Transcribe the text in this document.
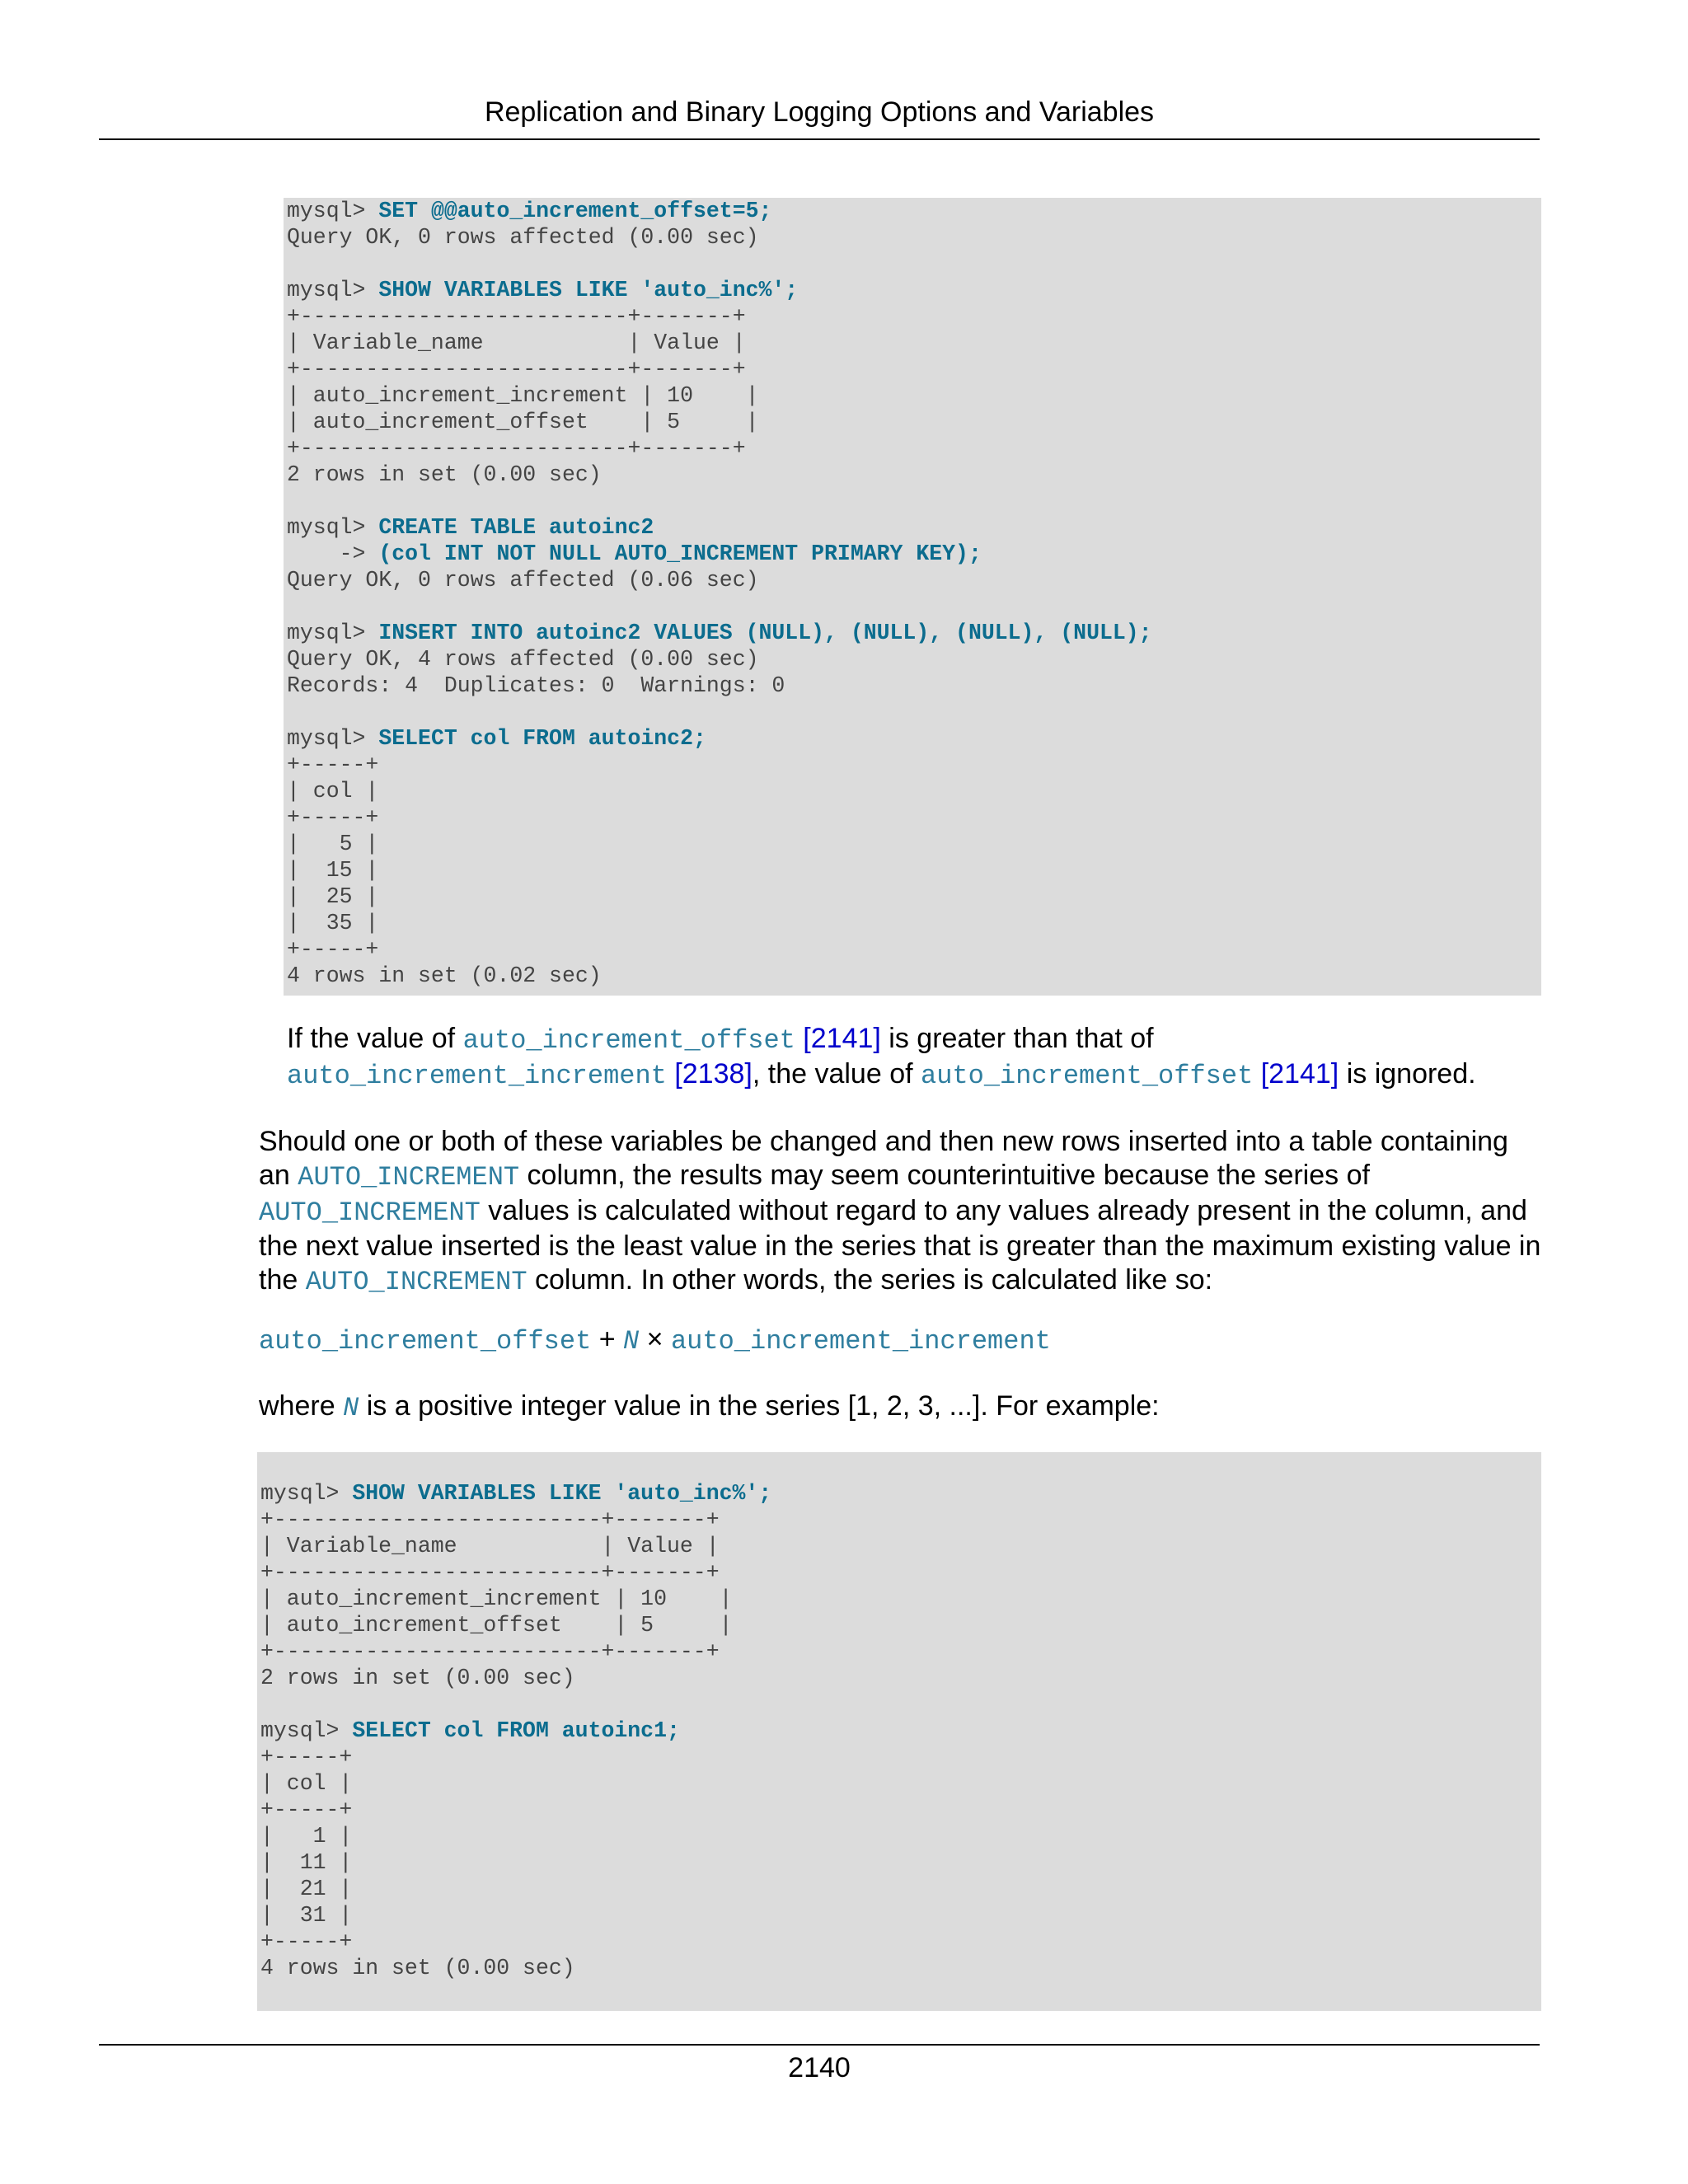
Replication and Binary Logging Options and Variables
mysql> SET @@auto_increment_offset=5;
Query OK, 0 rows affected (0.00 sec)

mysql> SHOW VARIABLES LIKE 'auto_inc%';
+-------------------------+-------+
| Variable_name           | Value |
+-------------------------+-------+
| auto_increment_increment | 10    |
| auto_increment_offset    | 5     |
+-------------------------+-------+
2 rows in set (0.00 sec)

mysql> CREATE TABLE autoinc2
-> (col INT NOT NULL AUTO_INCREMENT PRIMARY KEY);
Query OK, 0 rows affected (0.06 sec)

mysql> INSERT INTO autoinc2 VALUES (NULL), (NULL), (NULL), (NULL);
Query OK, 4 rows affected (0.00 sec)
Records: 4  Duplicates: 0  Warnings: 0

mysql> SELECT col FROM autoinc2;
+-----+
| col |
+-----+
|   5 |
|  15 |
|  25 |
|  35 |
+-----+
4 rows in set (0.02 sec)

If the value of auto_increment_offset [2141] is greater than that of
auto_increment_increment [2138], the value of auto_increment_offset [2141] is ignored.

Should one or both of these variables be changed and then new rows inserted into a table containing an AUTO_INCREMENT column, the results may seem counterintuitive because the series of AUTO_INCREMENT values is calculated without regard to any values already present in the column, and the next value inserted is the least value in the series that is greater than the maximum existing value in the AUTO_INCREMENT column. In other words, the series is calculated like so:

auto_increment_offset + N × auto_increment_increment

where N is a positive integer value in the series [1, 2, 3, ...]. For example:

mysql> SHOW VARIABLES LIKE 'auto_inc%';
+-------------------------+-------+
| Variable_name           | Value |
+-------------------------+-------+
| auto_increment_increment | 10    |
| auto_increment_offset    | 5     |
+-------------------------+-------+
2 rows in set (0.00 sec)

mysql> SELECT col FROM autoinc1;
+-----+
| col |
+-----+
|   1 |
|  11 |
|  21 |
|  31 |
+-----+
4 rows in set (0.00 sec)
2140
